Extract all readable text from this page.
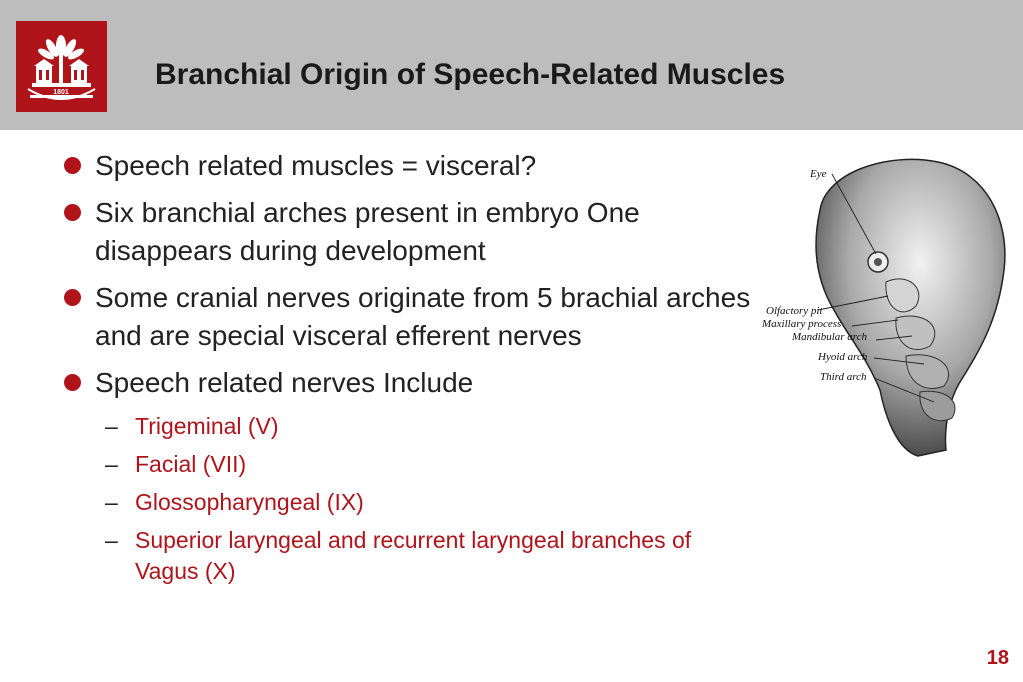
1801
Branchial Origin of Speech-Related Muscles
Speech related muscles = visceral?
Six branchial arches present in embryo One disappears during development
Some cranial nerves originate from 5 brachial arches and are special visceral efferent nerves
Speech related nerves Include
– Trigeminal (V)
– Facial (VII)
– Glossopharyngeal (IX)
– Superior laryngeal and recurrent laryngeal branches of Vagus (X)
Eye
Olfactory pit
Maxillary process
Mandibular arch
Hyoid arch
Third arch
18
